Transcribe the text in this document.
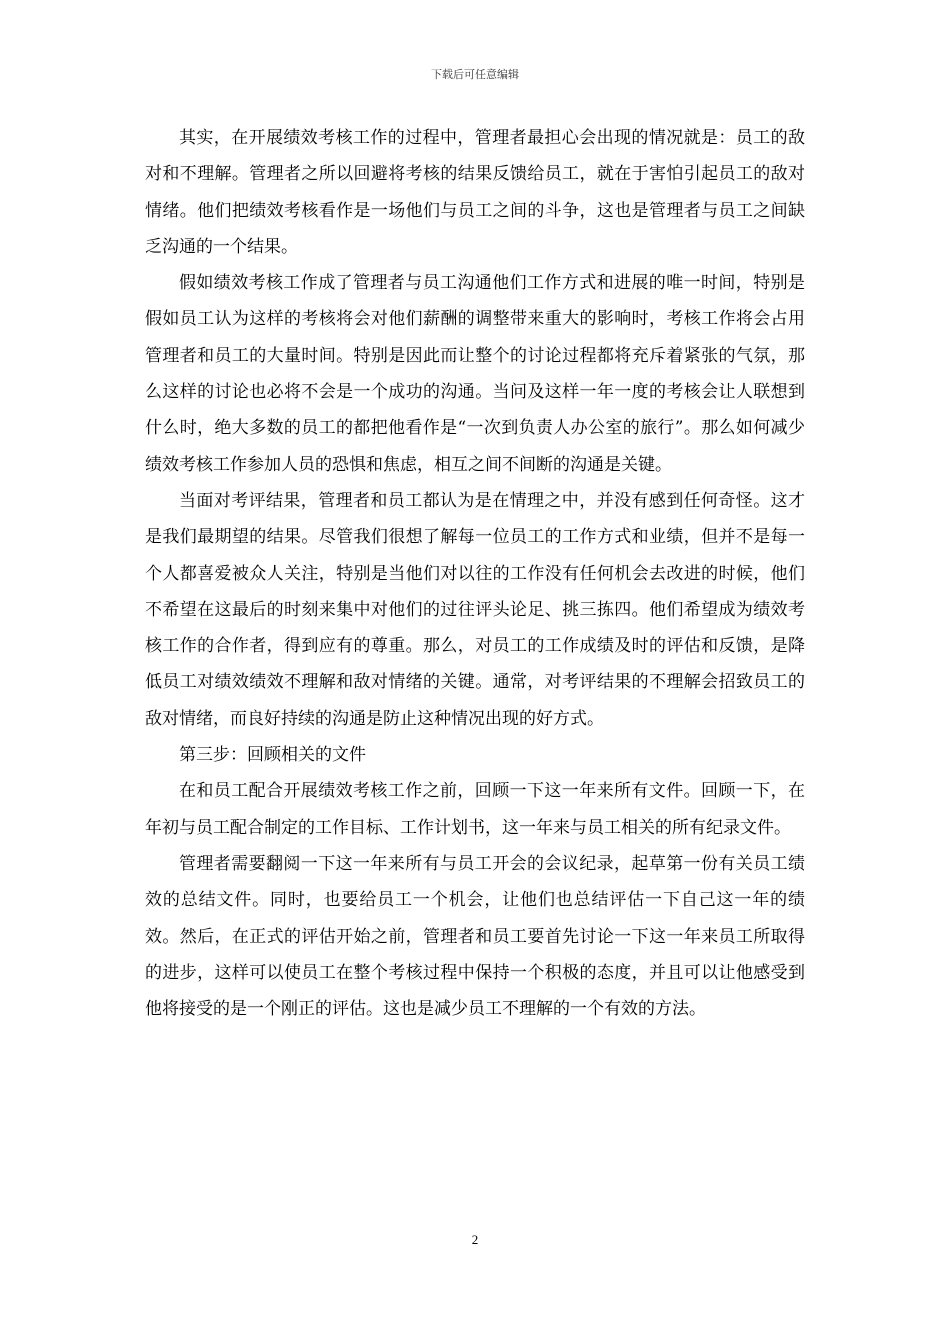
下载后可任意编辑

其实，在开展绩效考核工作的过程中，管理者最担心会出现的情况就是：员工的敌对和不理解。管理者之所以回避将考核的结果反馈给员工，就在于害怕引起员工的敌对情绪。他们把绩效考核看作是一场他们与员工之间的斗争，这也是管理者与员工之间缺乏沟通的一个结果。

假如绩效考核工作成了管理者与员工沟通他们工作方式和进展的唯一时间，特别是假如员工认为这样的考核将会对他们薪酬的调整带来重大的影响时，考核工作将会占用管理者和员工的大量时间。特别是因此而让整个的讨论过程都将充斥着紧张的气氛，那么这样的讨论也必将不会是一个成功的沟通。当问及这样一年一度的考核会让人联想到什么时，绝大多数的员工的都把他看作是“一次到负责人办公室的旅行”。那么如何减少绩效考核工作参加人员的恐惧和焦虑，相互之间不间断的沟通是关键。

当面对考评结果，管理者和员工都认为是在情理之中，并没有感到任何奇怪。这才是我们最期望的结果。尽管我们很想了解每一位员工的工作方式和业绩，但并不是每一个人都喜爱被众人关注，特别是当他们对以往的工作没有任何机会去改进的时候，他们不希望在这最后的时刻来集中对他们的过往评头论足、挑三拣四。他们希望成为绩效考核工作的合作者，得到应有的尊重。那么，对员工的工作成绩及时的评估和反馈，是降低员工对绩效绩效不理解和敌对情绪的关键。通常，对考评结果的不理解会招致员工的敌对情绪，而良好持续的沟通是防止这种情况出现的好方式。

第三步：回顾相关的文件

在和员工配合开展绩效考核工作之前，回顾一下这一年来所有文件。回顾一下，在年初与员工配合制定的工作目标、工作计划书，这一年来与员工相关的所有纪录文件。

管理者需要翻阅一下这一年来所有与员工开会的会议纪录，起草第一份有关员工绩效的总结文件。同时，也要给员工一个机会，让他们也总结评估一下自己这一年的绩效。然后，在正式的评估开始之前，管理者和员工要首先讨论一下这一年来员工所取得的进步，这样可以使员工在整个考核过程中保持一个积极的态度，并且可以让他感受到他将接受的是一个刚正的评估。这也是减少员工不理解的一个有效的方法。

2
